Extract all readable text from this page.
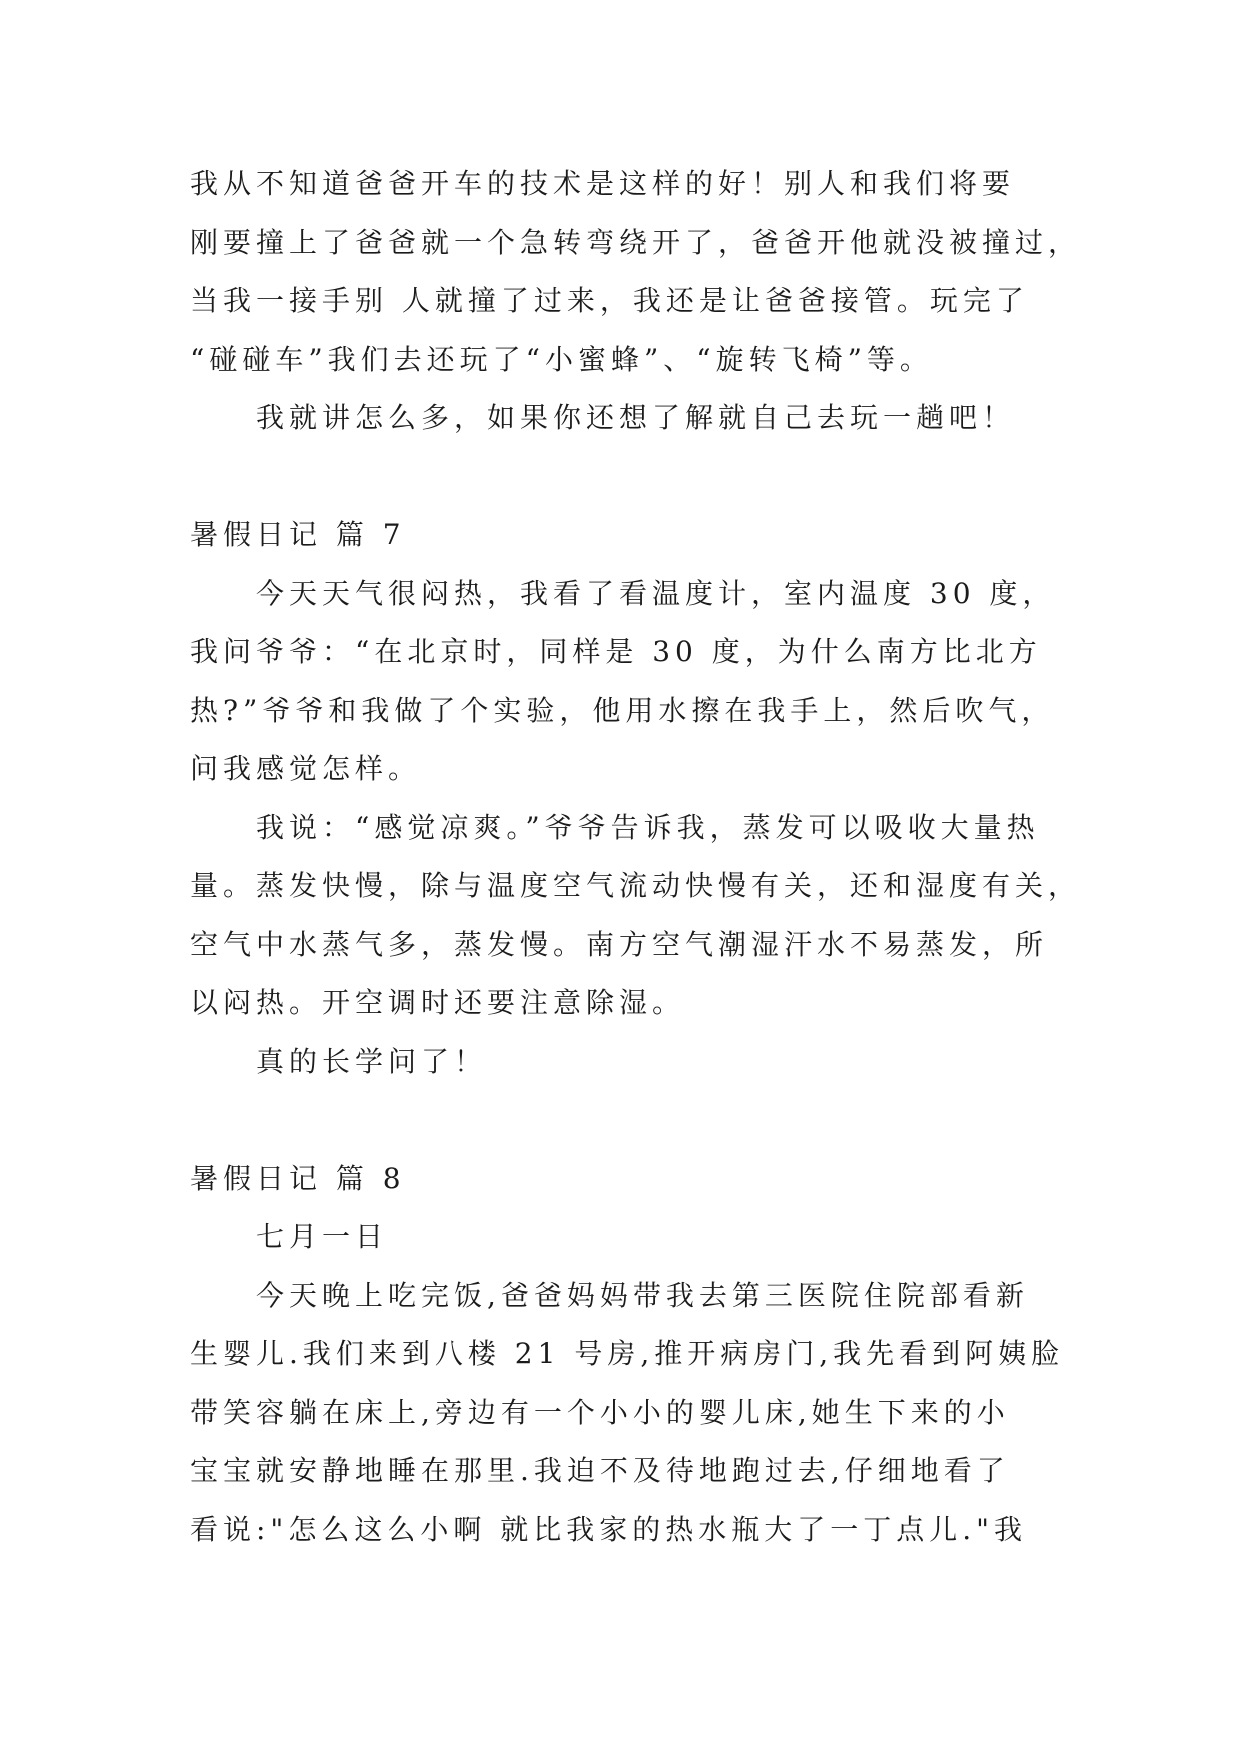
我从不知道爸爸开车的技术是这样的好！别人和我们将要
刚要撞上了爸爸就一个急转弯绕开了，爸爸开他就没被撞过，
当我一接手别 人就撞了过来，我还是让爸爸接管。玩完了
“碰碰车”我们去还玩了“小蜜蜂”、“旋转飞椅”等。
我就讲怎么多，如果你还想了解就自己去玩一趟吧！
暑假日记 篇 7
今天天气很闷热，我看了看温度计，室内温度 30 度，
我问爷爷：“在北京时，同样是 30 度，为什么南方比北方
热?”爷爷和我做了个实验，他用水擦在我手上，然后吹气，
问我感觉怎样。
我说：“感觉凉爽。”爷爷告诉我，蒸发可以吸收大量热
量。蒸发快慢，除与温度空气流动快慢有关，还和湿度有关，
空气中水蒸气多，蒸发慢。南方空气潮湿汗水不易蒸发，所
以闷热。开空调时还要注意除湿。
真的长学问了！
暑假日记 篇 8
七月一日
今天晚上吃完饭,爸爸妈妈带我去第三医院住院部看新
生婴儿.我们来到八楼 21 号房,推开病房门,我先看到阿姨脸
带笑容躺在床上,旁边有一个小小的婴儿床,她生下来的小
宝宝就安静地睡在那里.我迫不及待地跑过去,仔细地看了
看说:"怎么这么小啊 就比我家的热水瓶大了一丁点儿."我
